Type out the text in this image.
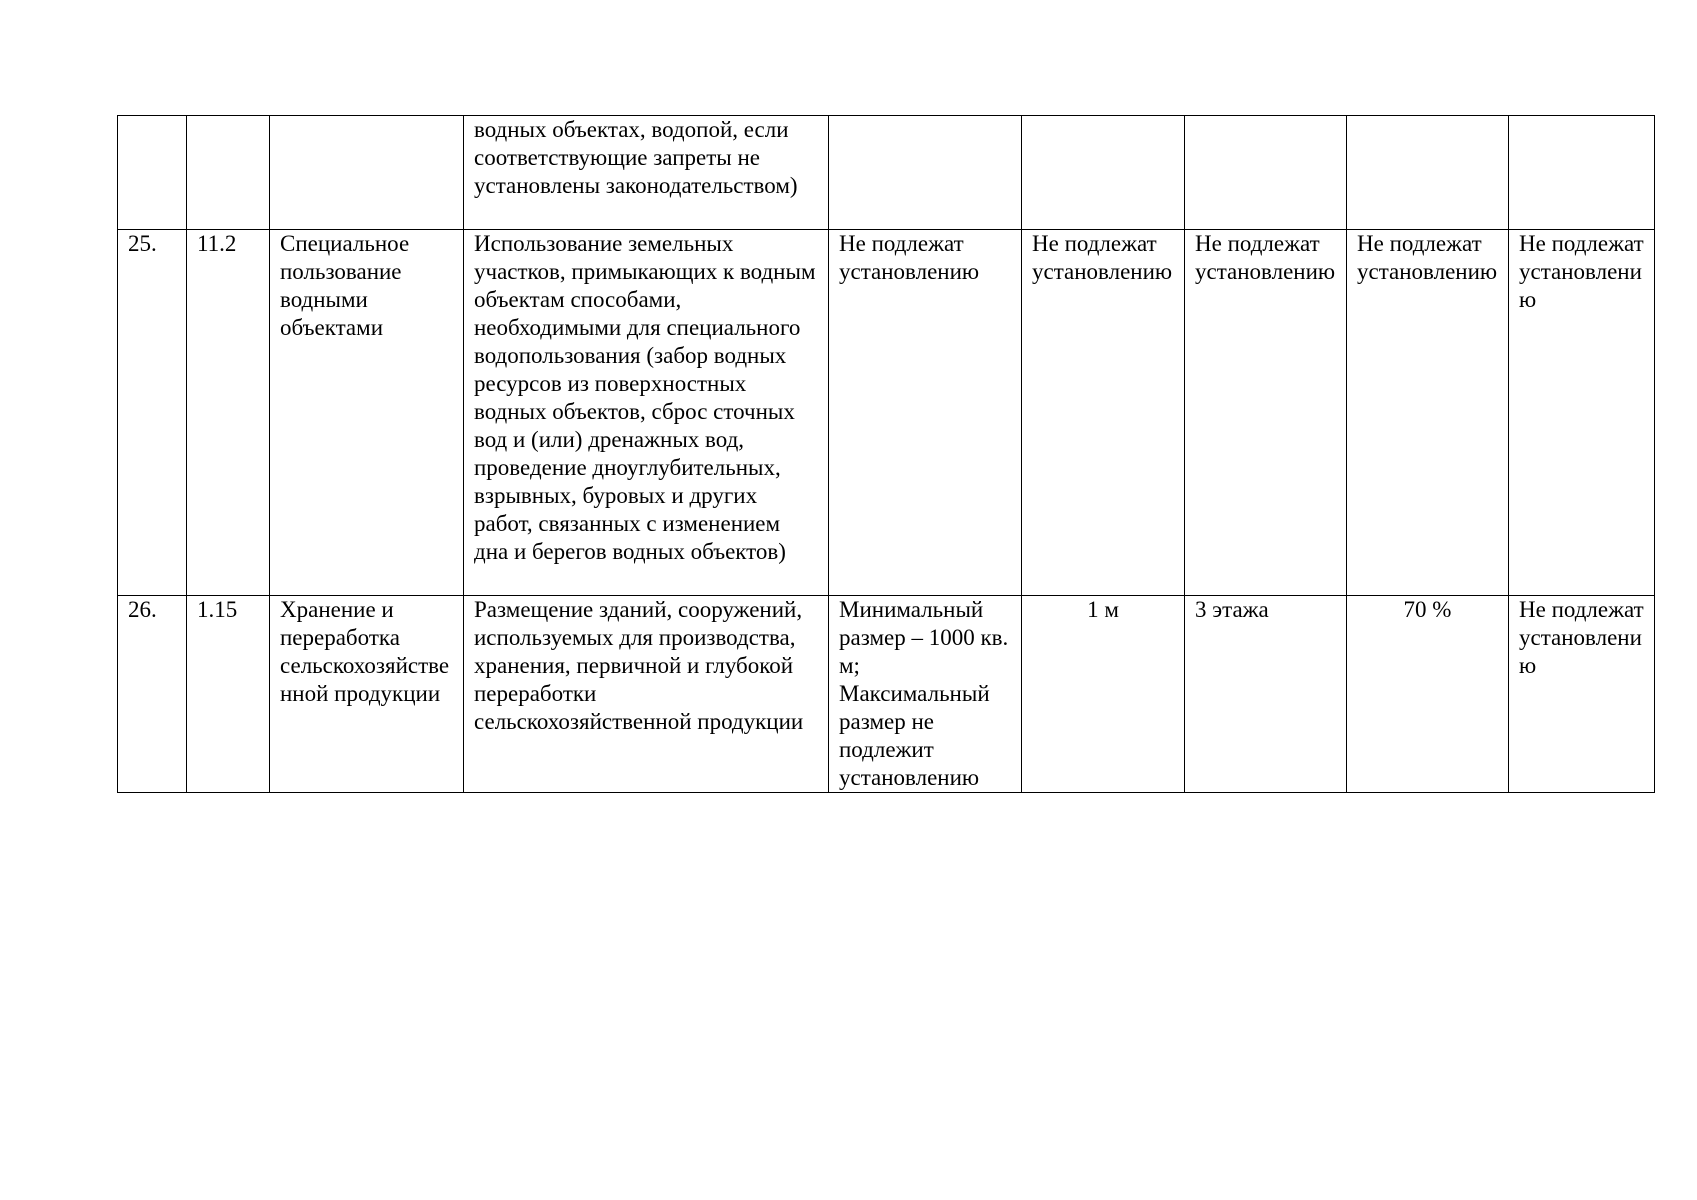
			водных объектах, водопой, если соответствующие запреты не установлены законодательством)					
25.	11.2	Специальное пользование водными объектами	Использование земельных участков, примыкающих к водным объектам способами, необходимыми для специального водопользования (забор водных ресурсов из поверхностных водных объектов, сброс сточных вод и (или) дренажных вод, проведение дноуглубительных, взрывных, буровых и других работ, связанных с изменением дна и берегов водных объектов)	Не подлежат установлению	Не подлежат установлению	Не подлежат установлению	Не подлежат установлению	Не подлежат установлению
26.	1.15	Хранение и переработка сельскохозяйственной продукции	Размещение зданий, сооружений, используемых для производства, хранения, первичной и глубокой переработки сельскохозяйственной продукции	Минимальный размер – 1000 кв. м; Максимальный размер не подлежит установлению	1 м	3 этажа	70 %	Не подлежат установлению
